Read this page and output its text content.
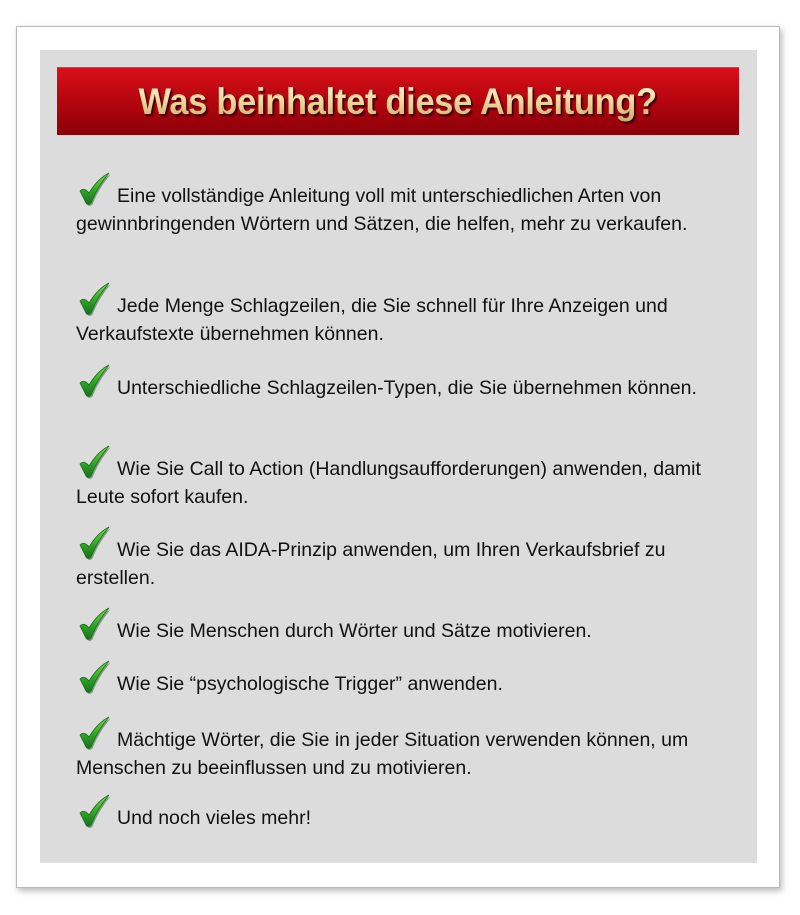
Was beinhaltet diese Anleitung?
Eine vollständige Anleitung voll mit unterschiedlichen Arten von gewinnbringenden Wörtern und Sätzen, die helfen, mehr zu verkaufen.
Jede Menge Schlagzeilen, die Sie schnell für Ihre Anzeigen und Verkaufstexte übernehmen können.
Unterschiedliche Schlagzeilen-Typen, die Sie übernehmen können.
Wie Sie Call to Action (Handlungsaufforderungen) anwenden, damit Leute sofort kaufen.
Wie Sie das AIDA-Prinzip anwenden, um Ihren Verkaufsbrief zu erstellen.
Wie Sie Menschen durch Wörter und Sätze motivieren.
Wie Sie “psychologische Trigger” anwenden.
Mächtige Wörter, die Sie in jeder Situation verwenden können, um Menschen zu beeinflussen und zu motivieren.
Und noch vieles mehr!
